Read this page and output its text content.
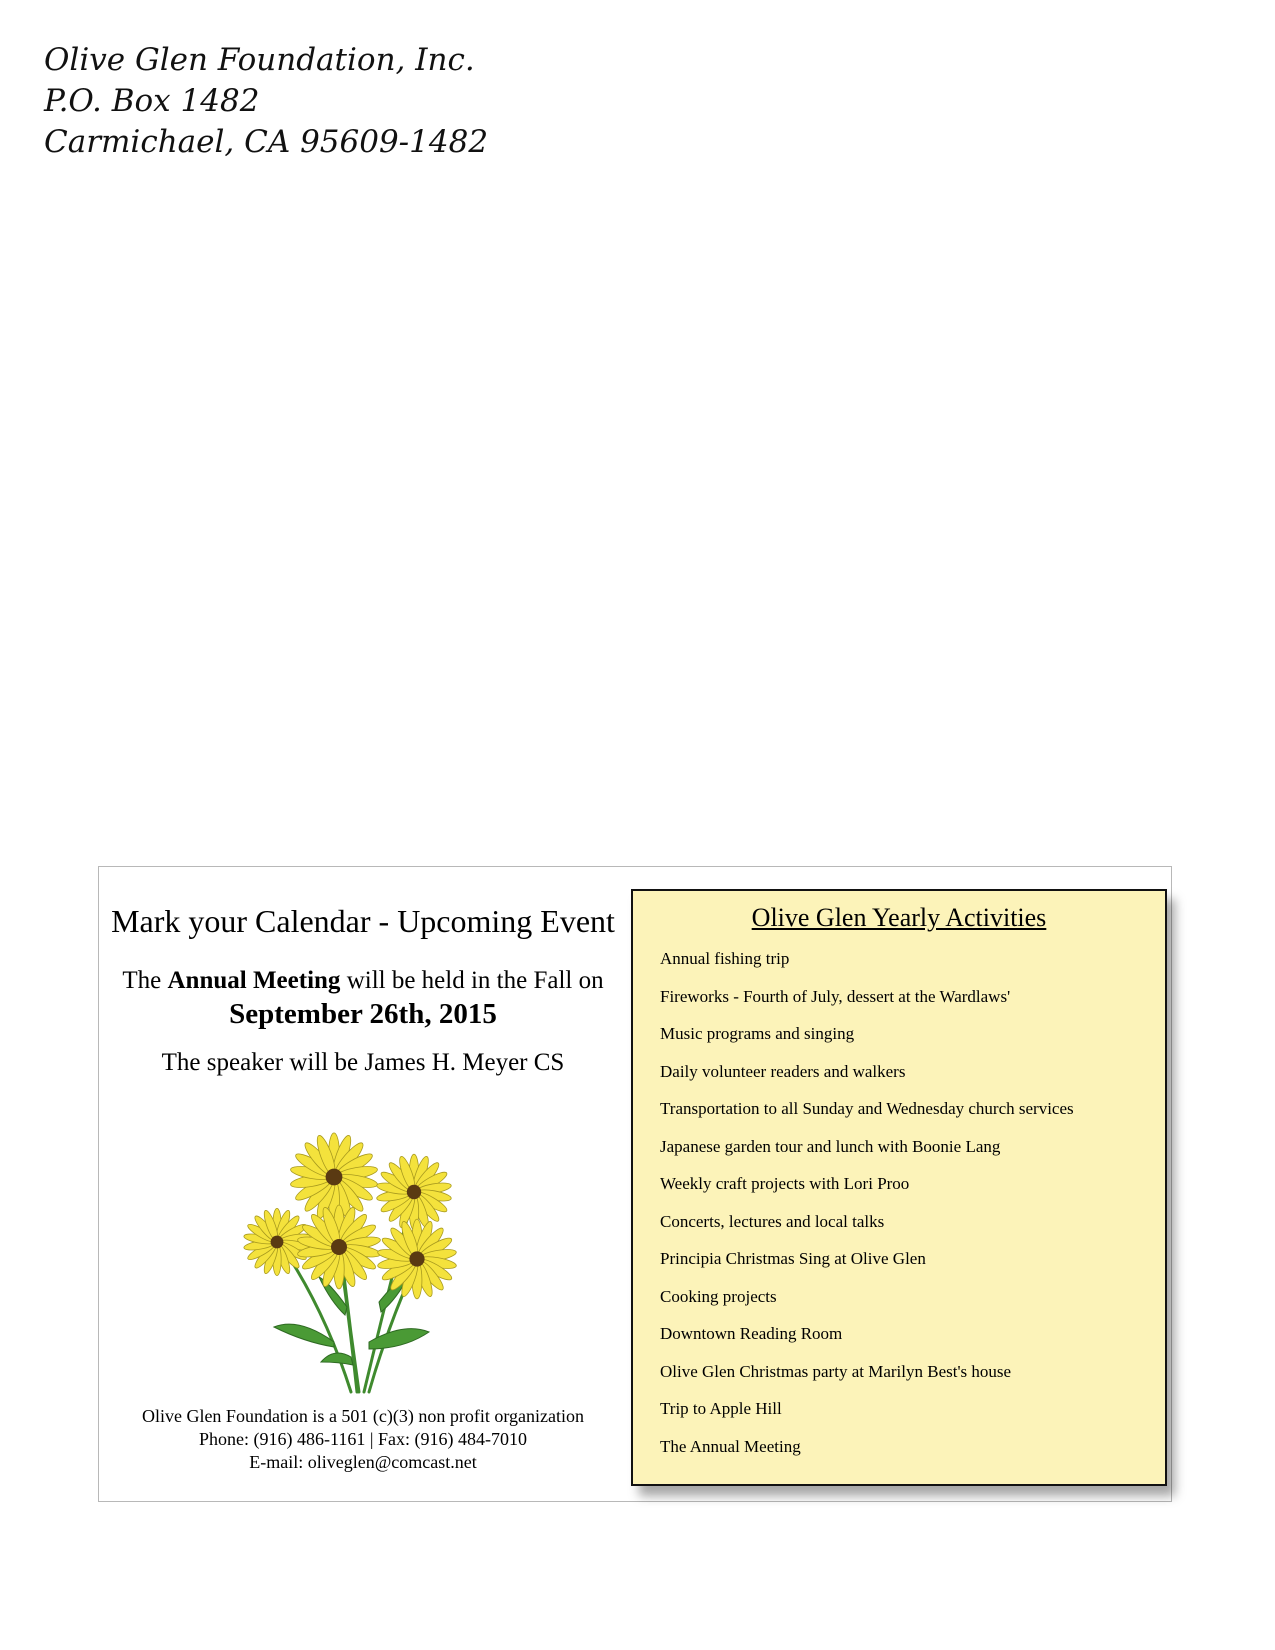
Olive Glen Foundation, Inc.
P.O. Box 1482
Carmichael, CA 95609-1482
Mark your Calendar - Upcoming Event
The Annual Meeting will be held in the Fall on
September 26th, 2015
The speaker will be James H. Meyer CS
Olive Glen Foundation is a 501 (c)(3) non profit organization
Phone: (916) 486-1161 | Fax: (916) 484-7010
E-mail: oliveglen@comcast.net
Olive Glen Yearly Activities
Annual fishing trip
Fireworks - Fourth of July, dessert at the Wardlaws'
Music programs and singing
Daily volunteer readers and walkers
Transportation to all Sunday and Wednesday church services
Japanese garden tour and lunch with Boonie Lang
Weekly craft projects with Lori Proo
Concerts, lectures and local talks
Principia Christmas Sing at Olive Glen
Cooking projects
Downtown Reading Room
Olive Glen Christmas party at Marilyn Best's house
Trip to Apple Hill
The Annual Meeting
